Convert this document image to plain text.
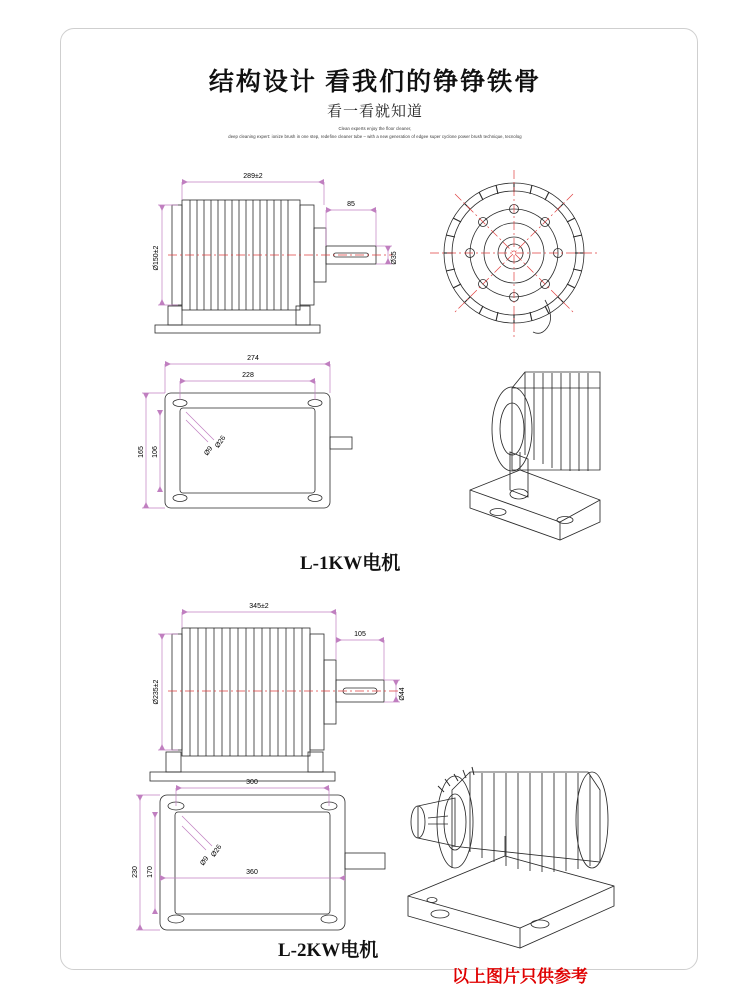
结构设计 看我们的铮铮铁骨
看一看就知道
Clean experts enjoy the floor cleaner,
deep cleaning expert: ionize brush in one step, redefine cleaner tube – with a new generation of edgee super cyclone power brush technique, tecnolog
L-1KW电机
L-2KW电机
以上图片只供参考
289±2
85
Ø35
Ø150±2
274
228
165 106	Ø9
Ø26
345±2
105
Ø44
Ø235±2
300
360
230 170
Ø9
Ø26
